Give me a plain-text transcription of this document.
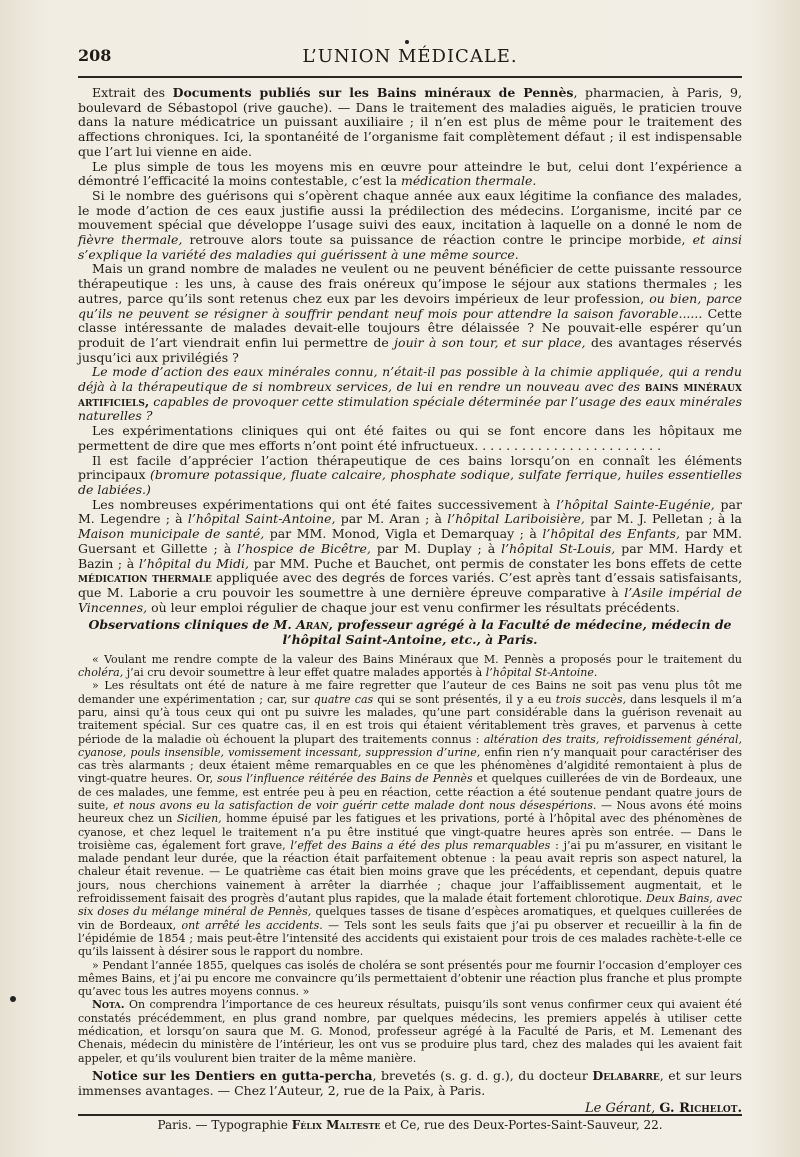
208	L’UNION MÉDICALE.

Extrait des Documents publiés sur les Bains minéraux de Pennès, pharmacien, à Paris, 9, boulevard de Sébastopol (rive gauche). — Dans le traitement des maladies aiguës, le praticien trouve dans la nature médicatrice un puissant auxiliaire ; il n’en est plus de même pour le traitement des affections chroniques. Ici, la spontanéité de l’organisme fait complètement défaut ; il est indispensable que l’art lui vienne en aide.

Le plus simple de tous les moyens mis en œuvre pour atteindre le but, celui dont l’expérience a démontré l’efficacité la moins contestable, c’est la médication thermale.

Si le nombre des guérisons qui s’opèrent chaque année aux eaux légitime la confiance des malades, le mode d’action de ces eaux justifie aussi la prédilection des médecins. L’organisme, incité par ce mouvement spécial que développe l’usage suivi des eaux, incitation à laquelle on a donné le nom de fièvre thermale, retrouve alors toute sa puissance de réaction contre le principe morbide, et ainsi s’explique la variété des maladies qui guérissent à une même source.

Mais un grand nombre de malades ne veulent ou ne peuvent bénéficier de cette puissante ressource thérapeutique : les uns, à cause des frais onéreux qu’impose le séjour aux stations thermales ; les autres, parce qu’ils sont retenus chez eux par les devoirs impérieux de leur profession, ou bien, parce qu’ils ne peuvent se résigner à souffrir pendant neuf mois pour attendre la saison favorable...... Cette classe intéressante de malades devait-elle toujours être délaissée ? Ne pouvait-elle espérer qu’un produit de l’art viendrait enfin lui permettre de jouir à son tour, et sur place, des avantages réservés jusqu’ici aux privilégiés ?

Le mode d’action des eaux minérales connu, n’était-il pas possible à la chimie appliquée, qui a rendu déjà à la thérapeutique de si nombreux services, de lui en rendre un nouveau avec des bains minéraux artificiels, capables de provoquer cette stimulation spéciale déterminée par l’usage des eaux minérales naturelles ?

Les expérimentations cliniques qui ont été faites ou qui se font encore dans les hôpitaux me permettent de dire que mes efforts n’ont point été infructueux. . . . . . . . . . . . . . . . . . . . . . . .

Il est facile d’apprécier l’action thérapeutique de ces bains lorsqu’on en connaît les éléments principaux (bromure potassique, fluate calcaire, phosphate sodique, sulfate ferrique, huiles essentielles de labiées.)

Les nombreuses expérimentations qui ont été faites successivement à l’hôpital Sainte-Eugénie, par M. Legendre ; à l’hôpital Saint-Antoine, par M. Aran ; à l’hôpital Lariboisière, par M. J. Pelletan ; à la Maison municipale de santé, par MM. Monod, Vigla et Demarquay ; à l’hôpital des Enfants, par MM. Guersant et Gillette ; à l’hospice de Bicêtre, par M. Duplay ; à l’hôpital St-Louis, par MM. Hardy et Bazin ; à l’hôpital du Midi, par MM. Puche et Bauchet, ont permis de constater les bons effets de cette médication thermale appliquée avec des degrés de forces variés. C’est après tant d’essais satisfaisants, que M. Laborie a cru pouvoir les soumettre à une dernière épreuve comparative à l’Asile impérial de Vincennes, où leur emploi régulier de chaque jour est venu confirmer les résultats précédents.

Observations cliniques de M. Aran, professeur agrégé à la Faculté de médecine, médecin de l’hôpital Saint-Antoine, etc., à Paris.

« Voulant me rendre compte de la valeur des Bains Minéraux que M. Pennès a proposés pour le traitement du choléra, j’ai cru devoir soumettre à leur effet quatre malades apportés à l’hôpital St-Antoine.

» Les résultats ont été de nature à me faire regretter que l’auteur de ces Bains ne soit pas venu plus tôt me demander une expérimentation ; car, sur quatre cas qui se sont présentés, il y a eu trois succès, dans lesquels il m’a paru, ainsi qu’à tous ceux qui ont pu suivre les malades, qu’une part considérable dans la guérison revenait au traitement spécial. Sur ces quatre cas, il en est trois qui étaient véritablement très graves, et parvenus à cette période de la maladie où échouent la plupart des traitements connus : altération des traits, refroidissement général, cyanose, pouls insensible, vomissement incessant, suppression d’urine, enfin rien n’y manquait pour caractériser des cas très alarmants ; deux étaient même remarquables en ce que les phénomènes d’algidité remontaient à plus de vingt-quatre heures. Or, sous l’influence réitérée des Bains de Pennès et quelques cuillerées de vin de Bordeaux, une de ces malades, une femme, est entrée peu à peu en réaction, cette réaction a été soutenue pendant quatre jours de suite, et nous avons eu la satisfaction de voir guérir cette malade dont nous désespérions. — Nous avons été moins heureux chez un Sicilien, homme épuisé par les fatigues et les privations, porté à l’hôpital avec des phénomènes de cyanose, et chez lequel le traitement n’a pu être institué que vingt-quatre heures après son entrée. — Dans le troisième cas, également fort grave, l’effet des Bains a été des plus remarquables : j’ai pu m’assurer, en visitant le malade pendant leur durée, que la réaction était parfaitement obtenue : la peau avait repris son aspect naturel, la chaleur était revenue. — Le quatrième cas était bien moins grave que les précédents, et cependant, depuis quatre jours, nous cherchions vainement à arrêter la diarrhée ; chaque jour l’affaiblissement augmentait, et le refroidissement faisait des progrès d’autant plus rapides, que la malade était fortement chlorotique. Deux Bains, avec six doses du mélange minéral de Pennès, quelques tasses de tisane d’espèces aromatiques, et quelques cuillerées de vin de Bordeaux, ont arrêté les accidents. — Tels sont les seuls faits que j’ai pu observer et recueillir à la fin de l’épidémie de 1854 ; mais peut-être l’intensité des accidents qui existaient pour trois de ces malades rachète-t-elle ce qu’ils laissent à désirer sous le rapport du nombre.

» Pendant l’année 1855, quelques cas isolés de choléra se sont présentés pour me fournir l’occasion d’employer ces mêmes Bains, et j’ai pu encore me convaincre qu’ils permettaient d’obtenir une réaction plus franche et plus prompte qu’avec tous les autres moyens connus. »

Nota. On comprendra l’importance de ces heureux résultats, puisqu’ils sont venus confirmer ceux qui avaient été constatés précédemment, en plus grand nombre, par quelques médecins, les premiers appelés à utiliser cette médication, et lorsqu’on saura que M. G. Monod, professeur agrégé à la Faculté de Paris, et M. Lemenant des Chenais, médecin du ministère de l’intérieur, les ont vus se produire plus tard, chez des malades qui les avaient fait appeler, et qu’ils voulurent bien traiter de la même manière.

Notice sur les Dentiers en gutta-percha, brevetés (s. g. d. g.), du docteur Delabarre, et sur leurs immenses avantages. — Chez l’Auteur, 2, rue de la Paix, à Paris.

Le Gérant, G. Richelot.
Paris. — Typographie Félix Malteste et Ce, rue des Deux-Portes-Saint-Sauveur, 22.
